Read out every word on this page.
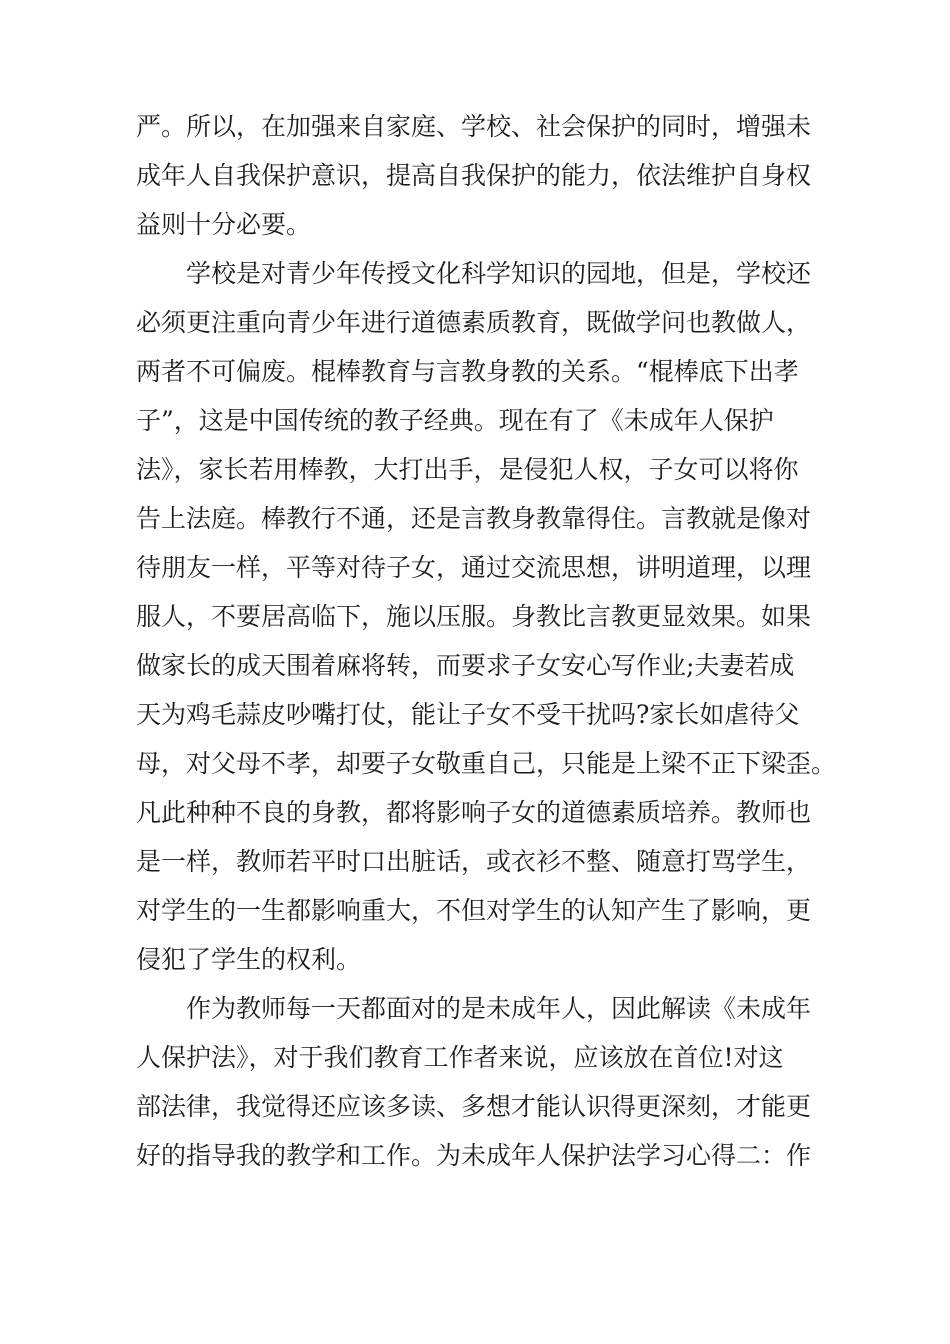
严。所以，在加强来自家庭、学校、社会保护的同时，增强未
成年人自我保护意识，提高自我保护的能力，依法维护自身权
益则十分必要。
学校是对青少年传授文化科学知识的园地，但是，学校还
必须更注重向青少年进行道德素质教育，既做学问也教做人，
两者不可偏废。棍棒教育与言教身教的关系。“棍棒底下出孝
子”，这是中国传统的教子经典。现在有了《未成年人保护
法》，家长若用棒教，大打出手，是侵犯人权，子女可以将你
告上法庭。棒教行不通，还是言教身教靠得住。言教就是像对
待朋友一样，平等对待子女，通过交流思想，讲明道理，以理
服人，不要居高临下，施以压服。身教比言教更显效果。如果
做家长的成天围着麻将转，而要求子女安心写作业;夫妻若成
天为鸡毛蒜皮吵嘴打仗，能让子女不受干扰吗?家长如虐待父
母，对父母不孝，却要子女敬重自己，只能是上梁不正下梁歪。
凡此种种不良的身教，都将影响子女的道德素质培养。教师也
是一样，教师若平时口出脏话，或衣衫不整、随意打骂学生，
对学生的一生都影响重大，不但对学生的认知产生了影响，更
侵犯了学生的权利。
作为教师每一天都面对的是未成年人，因此解读《未成年
人保护法》，对于我们教育工作者来说，应该放在首位!对这
部法律，我觉得还应该多读、多想才能认识得更深刻，才能更
好的指导我的教学和工作。为未成年人保护法学习心得二：作
